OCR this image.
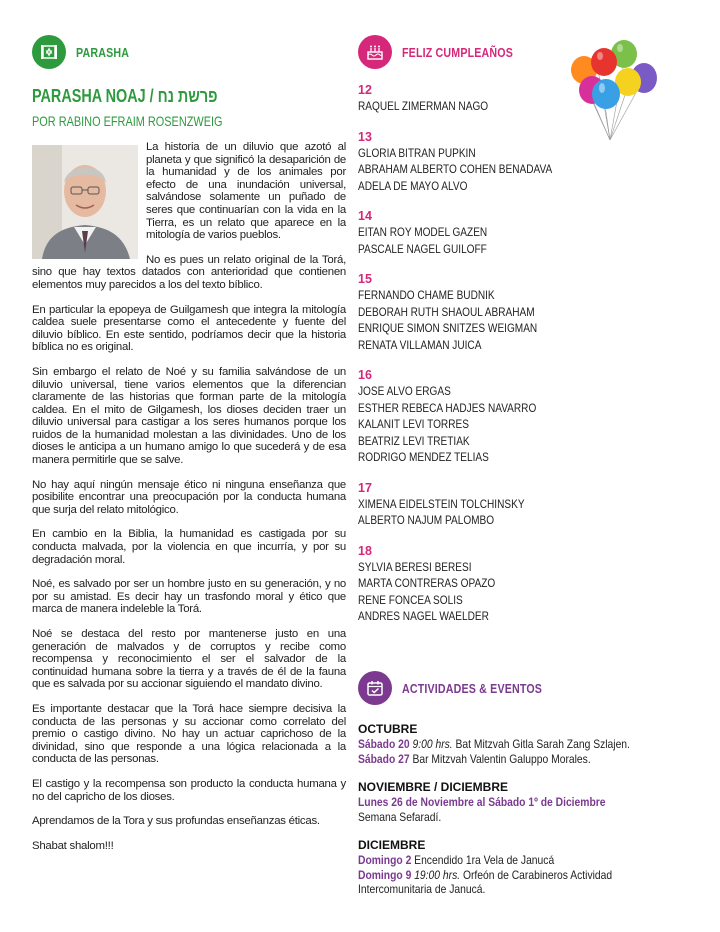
PARASHA
PARASHA NOAJ / פרשת נח
POR RABINO EFRAIM ROSENZWEIG

La historia de un diluvio que azotó al planeta y que significó la desaparición de la humanidad y de los animales por efecto de una inundación universal, salvándose solamente un puñado de seres que continuarían con la vida en la Tierra, es un relato que aparece en la mitología de varios pueblos.

No es pues un relato original de la Torá, sino que hay textos datados con anterioridad que contienen elementos muy parecidos a los del texto bíblico.

En particular la epopeya de Guilgamesh que integra la mitología caldea suele presentarse como el antecedente y fuente del diluvio bíblico. En este sentido, podríamos decir que la historia bíblica no es original.

Sin embargo el relato de Noé y su familia salvándose de un diluvio universal, tiene varios elementos que la diferencian claramente de las historias que forman parte de la mitología caldea. En el mito de Gilgamesh, los dioses deciden traer un diluvio universal para castigar a los seres humanos porque los ruidos de la humanidad molestan a las divinidades. Uno de los dioses le anticipa a un humano amigo lo que sucederá y de esa manera permitirle que se salve.

No hay aquí ningún mensaje ético ni ninguna enseñanza que posibilite encontrar una preocupación por la conducta humana que surja del relato mitológico.

En cambio en la Biblia, la humanidad es castigada por su conducta malvada, por la violencia en que incurría, y por su degradación moral.

Noé, es salvado por ser un hombre justo en su generación, y no por su amistad. Es decir hay un trasfondo moral y ético que marca de manera indeleble la Torá.

Noé se destaca del resto por mantenerse justo en una generación de malvados y de corruptos y recibe como recompensa y reconocimiento el ser el salvador de la continuidad humana sobre la tierra y a través de él de la fauna que es salvada por su accionar siguiendo el mandato divino.

Es importante destacar que la Torá hace siempre decisiva la conducta de las personas y su accionar como correlato del premio o castigo divino. No hay un actuar caprichoso de la divinidad, sino que responde a una lógica relacionada a la conducta de las personas.

El castigo y la recompensa son producto la conducta humana y no del capricho de los dioses.

Aprendamos de la Tora y sus profundas enseñanzas éticas.

Shabat shalom!!!

FELIZ CUMPLEAÑOS
12
RAQUEL ZIMERMAN NAGO
13
GLORIA BITRAN PUPKIN
ABRAHAM ALBERTO COHEN BENADAVA
ADELA DE MAYO ALVO
14
EITAN ROY MODEL GAZEN
PASCALE NAGEL GUILOFF
15
FERNANDO CHAME BUDNIK
DEBORAH RUTH SHAOUL ABRAHAM
ENRIQUE SIMON SNITZES WEIGMAN
RENATA VILLAMAN JUICA
16
JOSE ALVO ERGAS
ESTHER REBECA HADJES NAVARRO
KALANIT LEVI TORRES
BEATRIZ LEVI TRETIAK
RODRIGO MENDEZ TELIAS
17
XIMENA EIDELSTEIN TOLCHINSKY
ALBERTO NAJUM PALOMBO
18
SYLVIA BERESI BERESI
MARTA CONTRERAS OPAZO
RENE FONCEA SOLIS
ANDRES NAGEL WAELDER
ACTIVIDADES & EVENTOS
OCTUBRE
Sábado 20 9:00 hrs. Bat Mitzvah Gitla Sarah Zang Szlajen.
Sábado 27 Bar Mitzvah Valentin Galuppo Morales.
NOVIEMBRE / DICIEMBRE
Lunes 26 de Noviembre al Sábado 1º de Diciembre
Semana Sefaradí.
DICIEMBRE
Domingo 2 Encendido 1ra Vela de Janucá
Domingo 9 19:00 hrs. Orfeón de Carabineros Actividad
Intercomunitaria de Janucá.
